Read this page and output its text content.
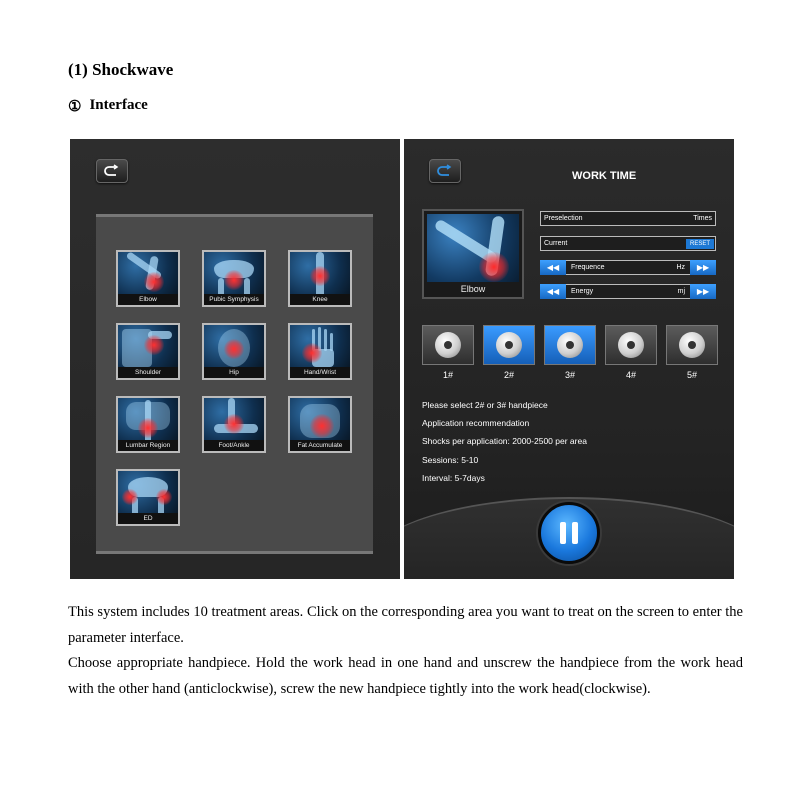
(1) Shockwave
① Interface
Elbow	Pubic Symphysis	Knee
Shoulder	Hip	Hand/Wrist
Lumbar Region	Foot/Ankle	Fat Accumulate
ED
WORK TIME
Elbow
Preselection	Times
Current	RESET
◀◀	Frequence	Hz	▶▶
◀◀	Energy	mj	▶▶
1#	2#	3#	4#	5#
Please select 2# or 3# handpiece
Application recommendation
Shocks per application: 2000-2500 per area
Sessions: 5-10
Interval: 5-7days
This system includes 10 treatment areas. Click on the corresponding area you want to treat on the screen to enter the parameter interface.
Choose appropriate handpiece. Hold the work head in one hand and unscrew the handpiece from the work head with the other hand (anticlockwise), screw the new handpiece tightly into the work head(clockwise).
